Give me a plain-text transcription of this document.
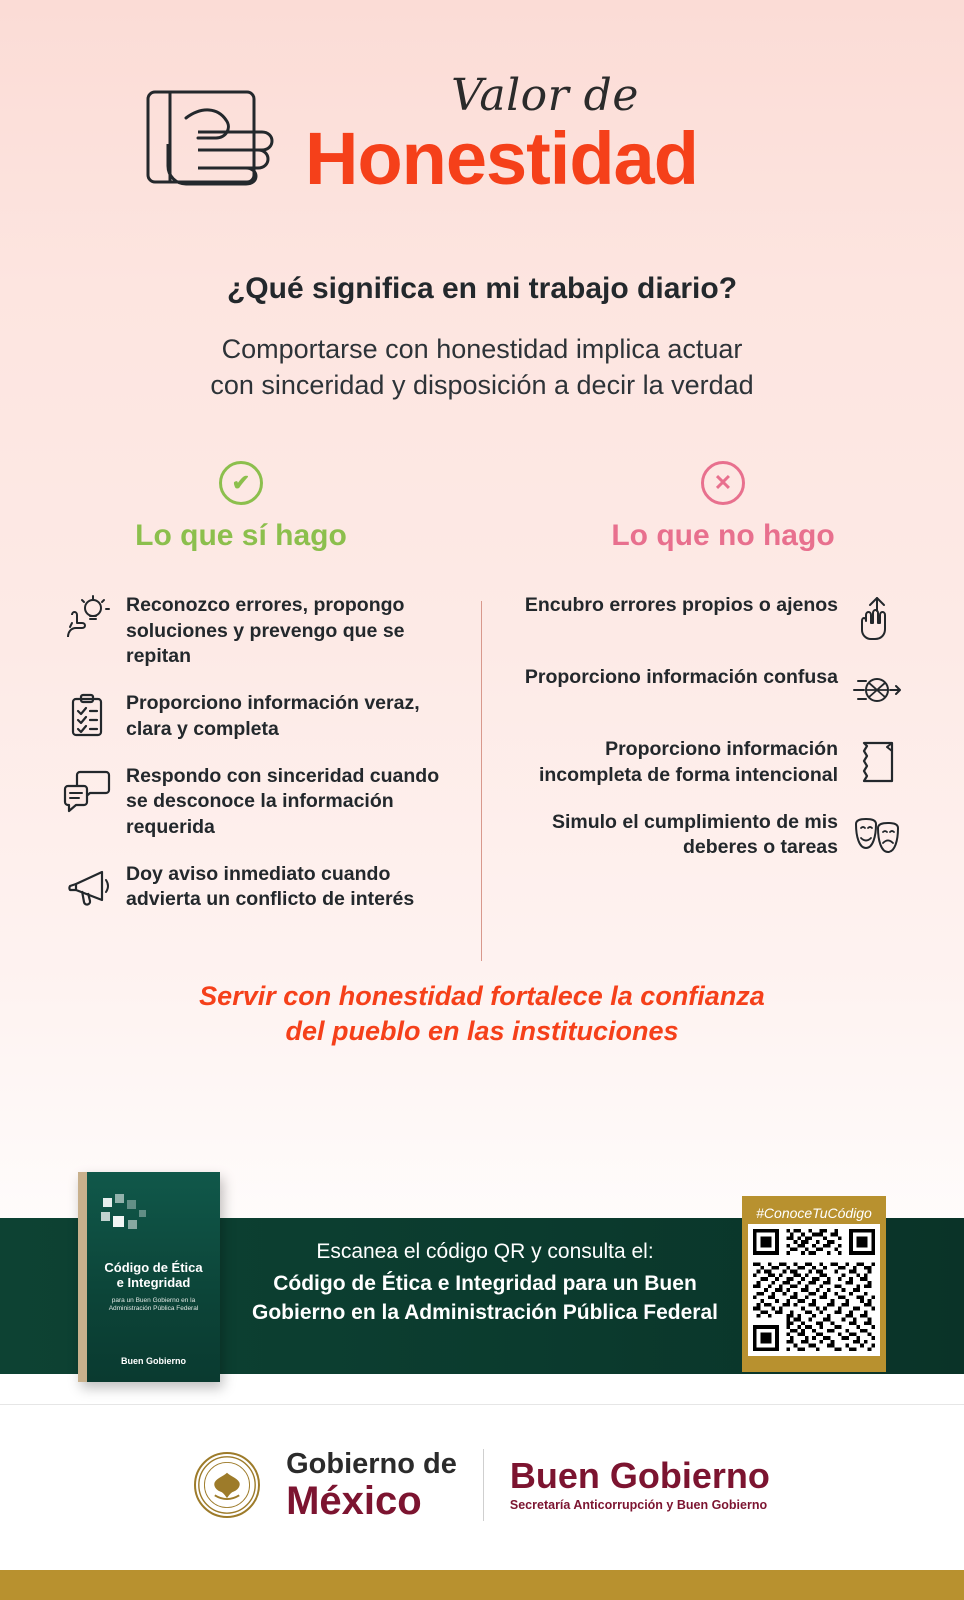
Valor de
Honestidad
¿Qué significa en mi trabajo diario?
Comportarse con honestidad implica actuar
con sinceridad y disposición a decir la verdad
✔
Lo que sí hago
✕
Lo que no hago
Reconozco errores, propongo soluciones y prevengo que se repitan
Proporciono información veraz, clara y completa
Respondo con sinceridad cuando se desconoce la información requerida
Doy aviso inmediato cuando advierta un conflicto de interés
Encubro errores propios o ajenos
Proporciono información confusa
Proporciono información incompleta de forma intencional
Simulo el cumplimiento de mis deberes o tareas
Servir con honestidad fortalece la confianza
del pueblo en las instituciones
Código de Ética
e Integridad
para un Buen Gobierno en la Administración Pública Federal
Buen Gobierno
Escanea el código QR y consulta el:
Código de Ética e Integridad para un Buen Gobierno en la Administración Pública Federal
#ConoceTuCódigo
Gobierno de
México
Buen Gobierno
Secretaría Anticorrupción y Buen Gobierno
